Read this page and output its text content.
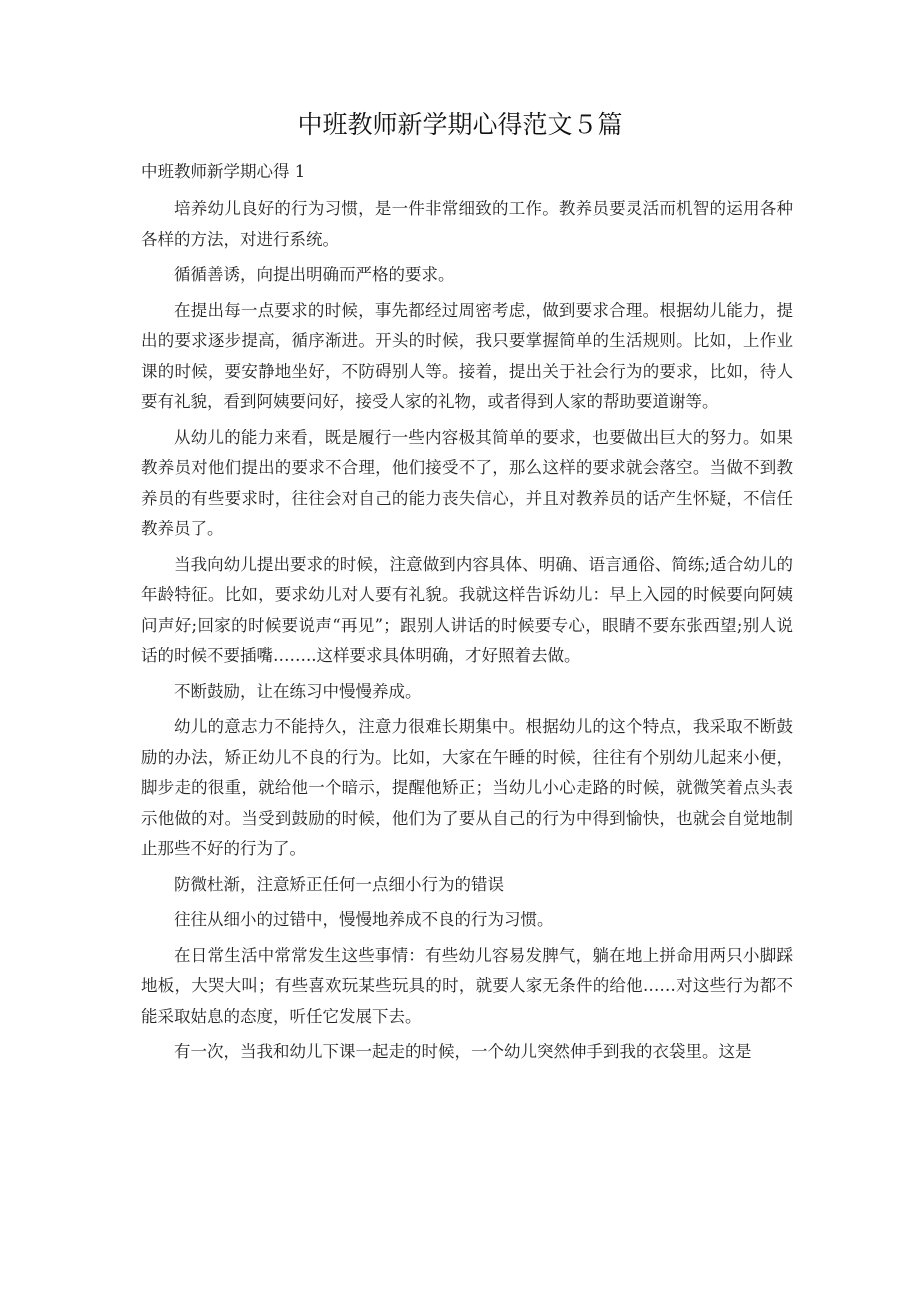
中班教师新学期心得范文５篇

中班教师新学期心得 1

培养幼儿良好的行为习惯，是一件非常细致的工作。教养员要灵活而机智的运用各种各样的方法，对进行系统。

循循善诱，向提出明确而严格的要求。

在提出每一点要求的时候，事先都经过周密考虑，做到要求合理。根据幼儿能力，提出的要求逐步提高，循序渐进。开头的时候，我只要掌握简单的生活规则。比如，上作业课的时候，要安静地坐好，不防碍别人等。接着，提出关于社会行为的要求，比如，待人要有礼貌，看到阿姨要问好，接受人家的礼物，或者得到人家的帮助要道谢等。

从幼儿的能力来看，既是履行一些内容极其简单的要求，也要做出巨大的努力。如果教养员对他们提出的要求不合理，他们接受不了，那么这样的要求就会落空。当做不到教养员的有些要求时，往往会对自己的能力丧失信心，并且对教养员的话产生怀疑，不信任教养员了。

当我向幼儿提出要求的时候，注意做到内容具体、明确、语言通俗、简练;适合幼儿的年龄特征。比如，要求幼儿对人要有礼貌。我就这样告诉幼儿：早上入园的时候要向阿姨问声好;回家的时候要说声“再见”；跟别人讲话的时候要专心，眼睛不要东张西望;别人说话的时候不要插嘴……..这样要求具体明确，才好照着去做。

不断鼓励，让在练习中慢慢养成。

幼儿的意志力不能持久，注意力很难长期集中。根据幼儿的这个特点，我采取不断鼓励的办法，矫正幼儿不良的行为。比如，大家在午睡的时候，往往有个别幼儿起来小便，脚步走的很重，就给他一个暗示，提醒他矫正；当幼儿小心走路的时候，就微笑着点头表示他做的对。当受到鼓励的时候，他们为了要从自己的行为中得到愉快，也就会自觉地制止那些不好的行为了。

防微杜渐，注意矫正任何一点细小行为的错误

往往从细小的过错中，慢慢地养成不良的行为习惯。

在日常生活中常常发生这些事情：有些幼儿容易发脾气，躺在地上拼命用两只小脚踩地板，大哭大叫；有些喜欢玩某些玩具的时，就要人家无条件的给他……对这些行为都不能采取姑息的态度，听任它发展下去。

有一次，当我和幼儿下课一起走的时候，一个幼儿突然伸手到我的衣袋里。这是
